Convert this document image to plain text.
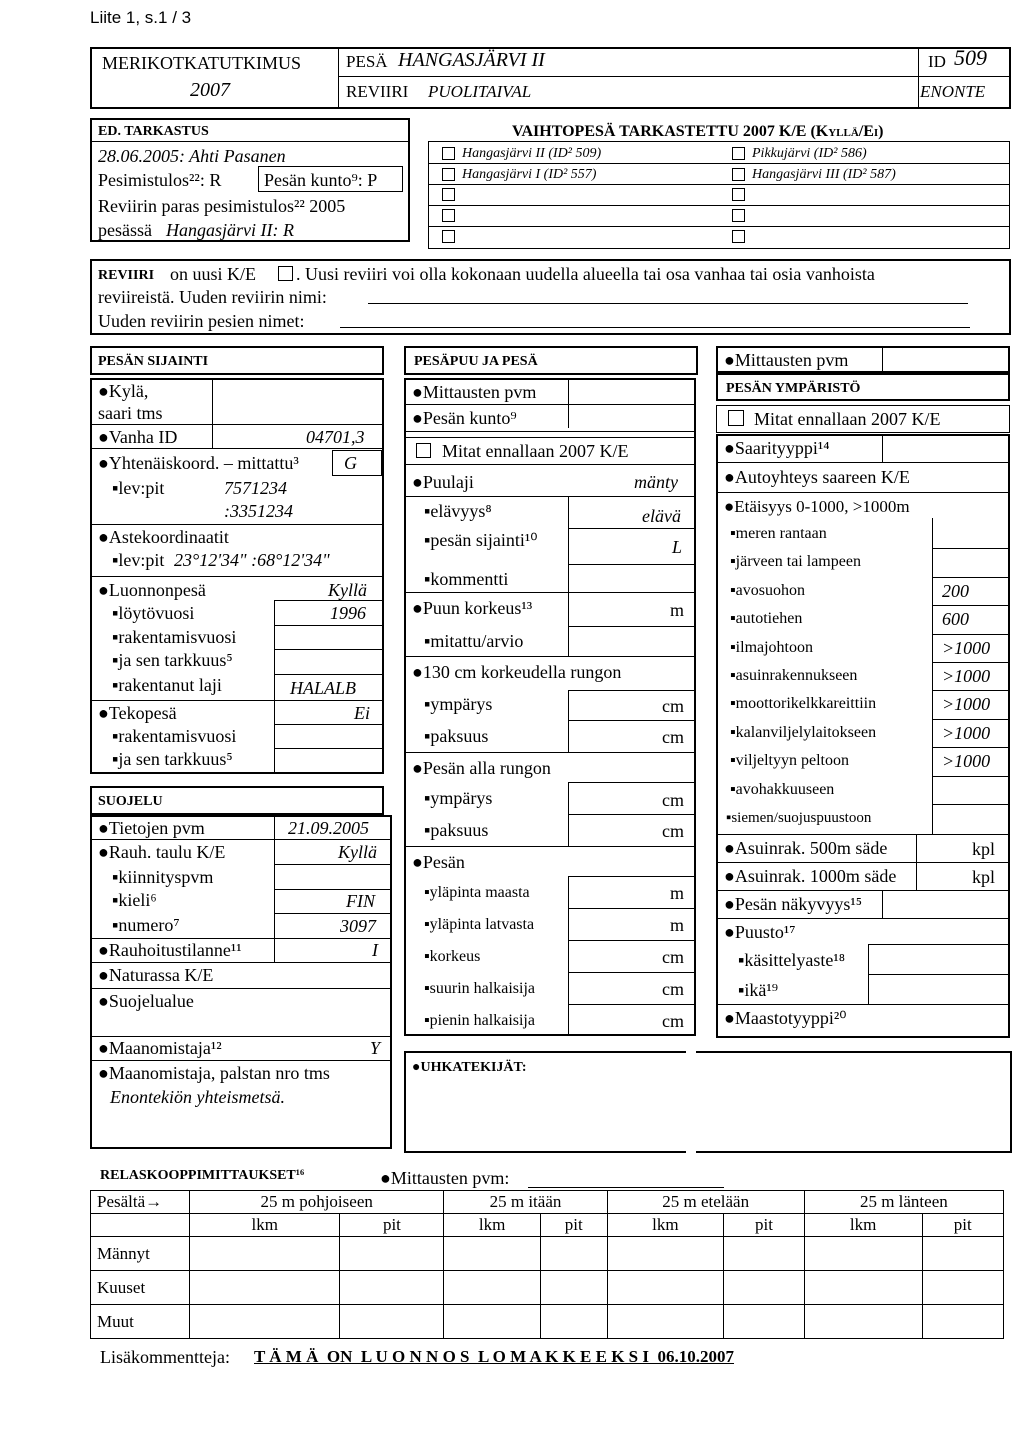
Liite 1, s.1 / 3
MERIKOTKATUTKIMUS
2007
PESÄ HANGASJÄRVI II
REVIIRI PUOLITAIVAL
ID 509
ENONTE
ED. TARKASTUS
28.06.2005: Ahti Pasanen
Pesimistulos²²: R Pesän kunto⁹: P
Reviirin paras pesimistulos²² 2005
pesässä Hangasjärvi II: R
VAIHTOPESÄ TARKASTETTU 2007 K/E (Kyllä/Ei)
Hangasjärvi II (ID² 509)	Pikkujärvi (ID² 586)
Hangasjärvi I (ID² 557)	Hangasjärvi III (ID² 587)
REVIIRI on uusi K/E . Uusi reviiri voi olla kokonaan uudella alueella tai osa vanhaa tai osia vanhoista
reviireistä. Uuden reviirin nimi:
Uuden reviirin pesien nimet:
PESÄN SIJAINTI
●Kylä,
saari tms
●Vanha ID	04701,3
●Yhtenäiskoord. – mittattu³	G
▪lev:pit	7571234
:3351234
●Astekoordinaatit
▪lev:pit 23°12'34" :68°12'34"
●Luonnonpesä	Kyllä
▪löytövuosi	1996
▪rakentamisvuosi
▪ja sen tarkkuus⁵
▪rakentanut laji	HALALB
●Tekopesä	Ei
▪rakentamisvuosi
▪ja sen tarkkuus⁵
SUOJELU
●Tietojen pvm	21.09.2005
●Rauh. taulu K/E	Kyllä
▪kiinnityspvm
▪kieli⁶	FIN
▪numero⁷	3097
●Rauhoitustilanne¹¹	I
●Naturassa K/E
●Suojelualue
●Maanomistaja¹²	Y
●Maanomistaja, palstan nro tms
Enontekiön yhteismetsä.
PESÄPUU JA PESÄ
●Mittausten pvm
●Pesän kunto⁹
Mitat ennallaan 2007 K/E
●Puulaji	mänty
▪elävyys⁸	elävä
▪pesän sijainti¹⁰	L
▪kommentti
●Puun korkeus¹³	m
▪mitattu/arvio
●130 cm korkeudella rungon
▪ympärys	cm
▪paksuus	cm
●Pesän alla rungon
▪ympärys	cm
▪paksuus	cm
●Pesän
▪yläpinta maasta	m
▪yläpinta latvasta	m
▪korkeus	cm
▪suurin halkaisija	cm
▪pienin halkaisija	cm
●UHKATEKIJÄT:
●Mittausten pvm
PESÄN YMPÄRISTÖ
Mitat ennallaan 2007 K/E
●Saarityyppi¹⁴
●Autoyhteys saareen K/E
●Etäisyys 0-1000, >1000m
▪meren rantaan
▪järveen tai lampeen
▪avosuohon	200
▪autotiehen	600
▪ilmajohtoon	>1000
▪asuinrakennukseen	>1000
▪moottorikelkkareittiin	>1000
▪kalanviljelylaitokseen	>1000
▪viljeltyyn peltoon	>1000
▪avohakkuuseen
▪siemen/suojuspuustoon
●Asuinrak. 500m säde	kpl
●Asuinrak. 1000m säde	kpl
●Pesän näkyvyys¹⁵
●Puusto¹⁷
▪käsittelyaste¹⁸
▪ikä¹⁹
●Maastotyyppi²⁰
RELASKOOPPIMITTAUKSET¹⁶	●Mittausten pvm:
Pesältä→	25 m pohjoiseen		25 m itään		25 m etelään		25 m länteen	
	lkm	pit	lkm	pit	lkm	pit	lkm	pit
Männyt								
Kuuset								
Muut								
Lisäkommentteja: T Ä M Ä  ON  L U O N N O S  L O M A K K E E K S I  06.10.2007
